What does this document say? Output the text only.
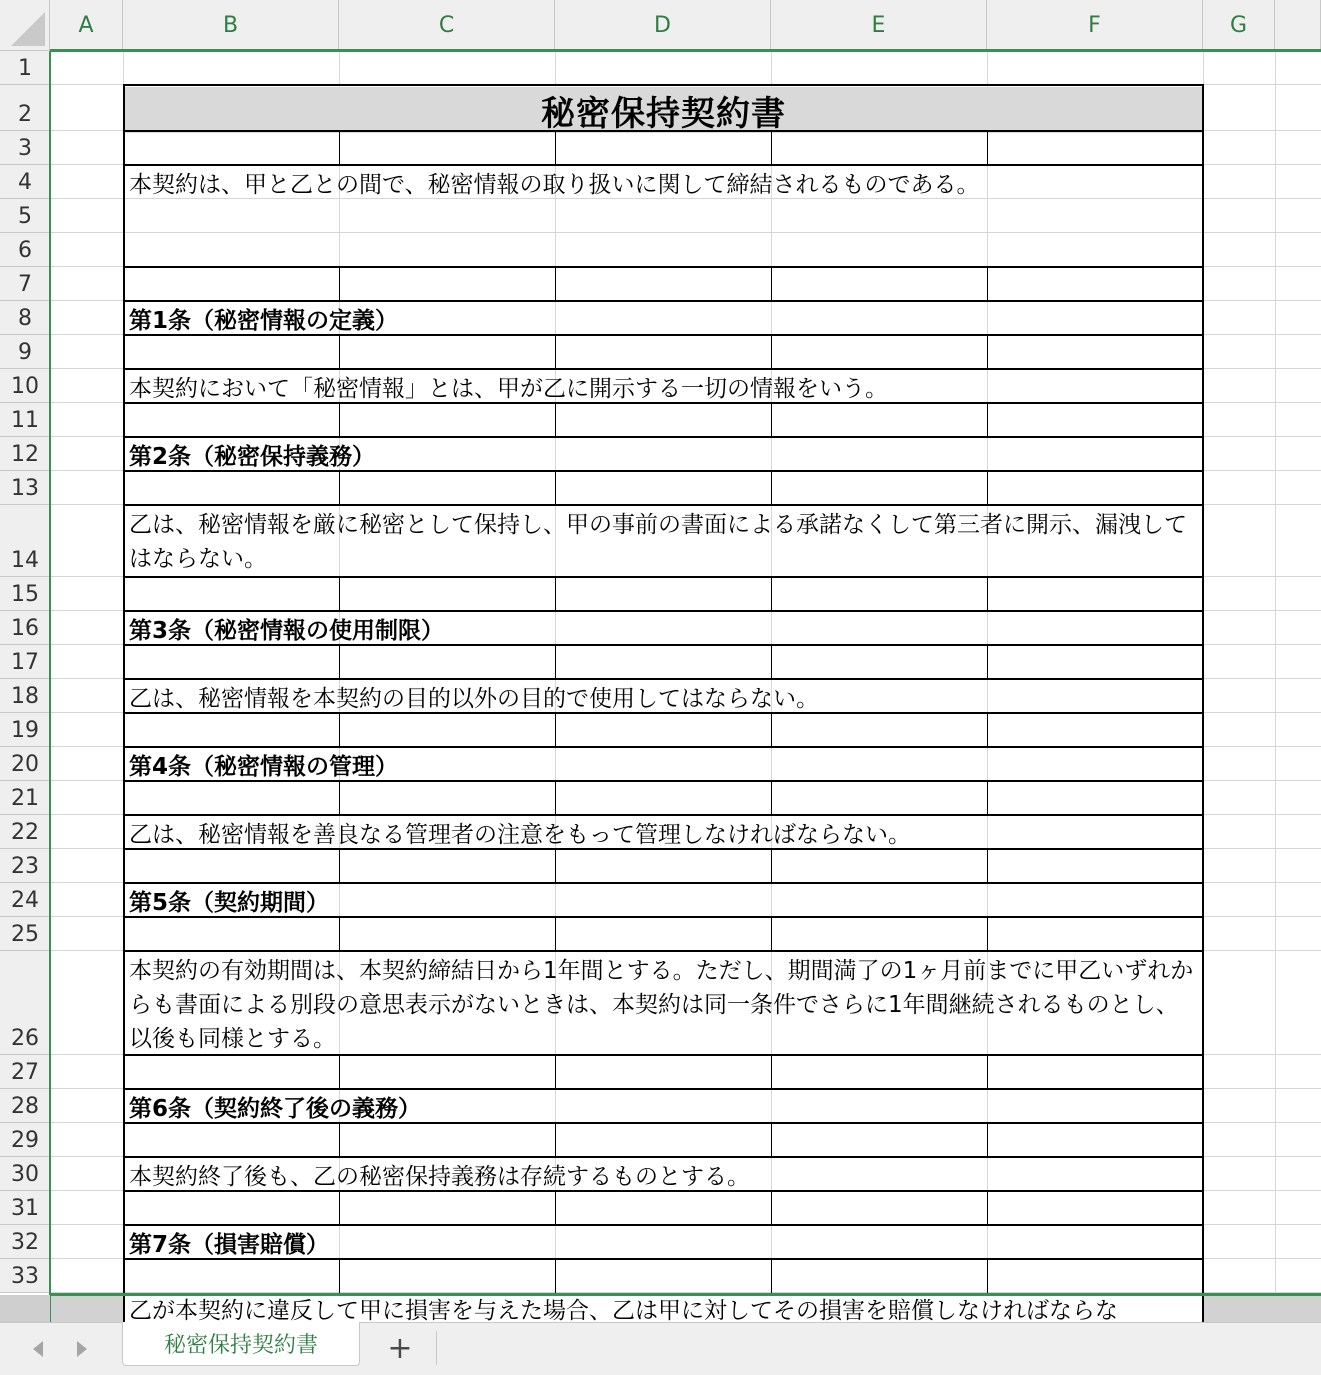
秘密保持契約書
本契約は、甲と乙との間で、秘密情報の取り扱いに関して締結されるものである。
第1条（秘密情報の定義）
本契約において「秘密情報」とは、甲が乙に開示する一切の情報をいう。
第2条（秘密保持義務）
乙は、秘密情報を厳に秘密として保持し、甲の事前の書面による承諾なくして第三者に開示、漏洩してはならない。
第3条（秘密情報の使用制限）
乙は、秘密情報を本契約の目的以外の目的で使用してはならない。
第4条（秘密情報の管理）
乙は、秘密情報を善良なる管理者の注意をもって管理しなければならない。
第5条（契約期間）
本契約の有効期間は、本契約締結日から1年間とする。ただし、期間満了の1ヶ月前までに甲乙いずれからも書面による別段の意思表示がないときは、本契約は同一条件でさらに1年間継続されるものとし、以後も同様とする。
第6条（契約終了後の義務）
本契約終了後も、乙の秘密保持義務は存続するものとする。
第7条（損害賠償）
乙が本契約に違反して甲に損害を与えた場合、乙は甲に対してその損害を賠償しなければならな
A	B	C	D	E	F	G
1
2
3
4
5
6
7
8
9
10
11
12
13
14
15
16
17
18
19
20
21
22
23
24
25
26
27
28
29
30
31
32
33
秘密保持契約書 +
